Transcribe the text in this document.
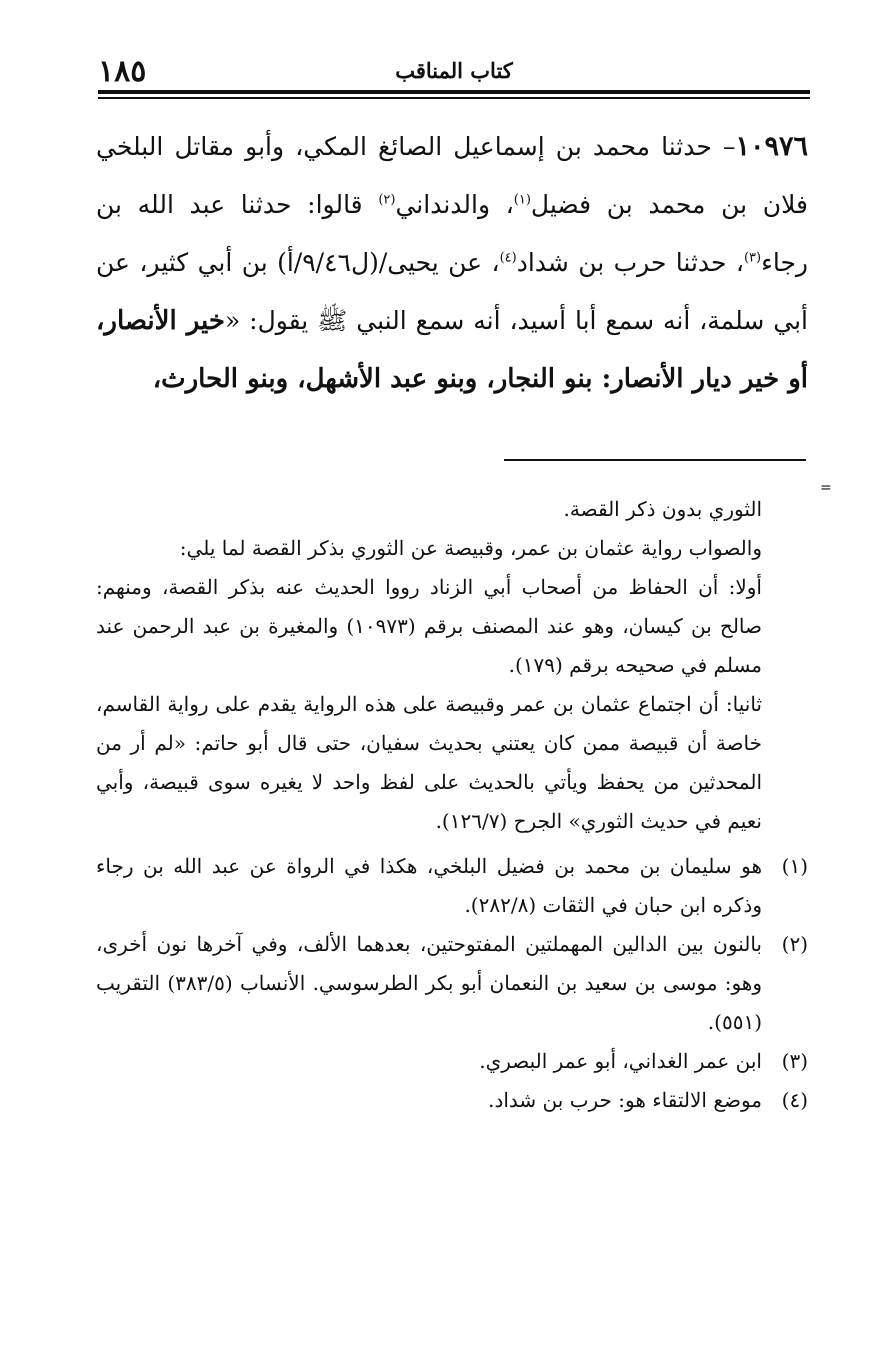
كتاب المناقب
١٨٥

١٠٩٧٦– حدثنا محمد بن إسماعيل الصائغ المكي، وأبو مقاتل البلخي فلان بن محمد بن فضيل$^{(١)}$، والدنداني$^{(٢)}$ قالوا: حدثنا عبد الله بن رجاء$^{(٣)}$، حدثنا حرب بن شداد$^{(٤)}$، عن يحيى/(ل٩/٤٦/أ) بن أبي كثير، عن أبي سلمة، أنه سمع أبا أسيد، أنه سمع النبي ﷺ يقول: «خير الأنصار، أو خير ديار الأنصار: بنو النجار، وبنو عبد الأشهل، وبنو الحارث،

=

الثوري بدون ذكر القصة.

والصواب رواية عثمان بن عمر، وقبيصة عن الثوري بذكر القصة لما يلي:

أولا: أن الحفاظ من أصحاب أبي الزناد رووا الحديث عنه بذكر القصة، ومنهم: صالح بن كيسان، وهو عند المصنف برقم (١٠٩٧٣) والمغيرة بن عبد الرحمن عند مسلم في صحيحه برقم (١٧٩).

ثانيا: أن اجتماع عثمان بن عمر وقبيصة على هذه الرواية يقدم على رواية القاسم، خاصة أن قبيصة ممن كان يعتني بحديث سفيان، حتى قال أبو حاتم: «لم أر من المحدثين من يحفظ ويأتي بالحديث على لفظ واحد لا يغيره سوى قبيصة، وأبي نعيم في حديث الثوري» الجرح (١٢٦/٧).

(١)هو سليمان بن محمد بن فضيل البلخي، هكذا في الرواة عن عبد الله بن رجاء وذكره ابن حبان في الثقات (٢٨٢/٨).

(٢)بالنون بين الدالين المهملتين المفتوحتين، بعدهما الألف، وفي آخرها نون أخرى، وهو: موسى بن سعيد بن النعمان أبو بكر الطرسوسي. الأنساب (٣٨٣/٥) التقريب (٥٥١).

(٣)ابن عمر الغداني، أبو عمر البصري.

(٤)موضع الالتقاء هو: حرب بن شداد.
